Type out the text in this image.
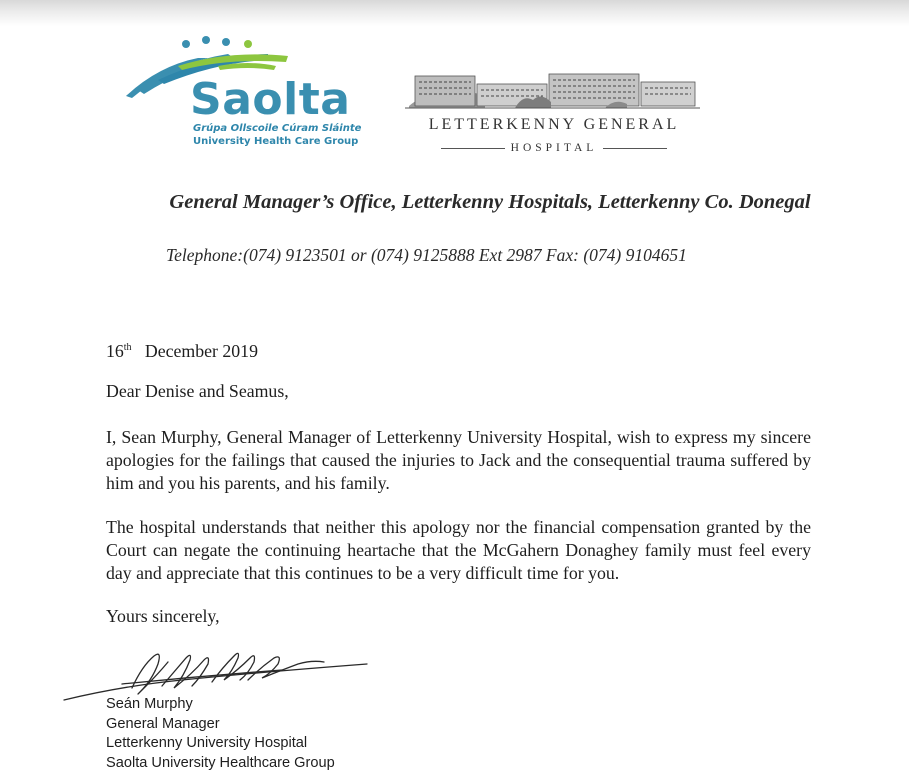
Saolta
Grúpa Ollscoile Cúram Sláinte
University Health Care Group
LETTERKENNY GENERAL
HOSPITAL
General Manager’s Office, Letterkenny Hospitals, Letterkenny Co. Donegal
Telephone:(074) 9123501 or (074) 9125888 Ext 2987 Fax: (074) 9104651
16th December 2019
Dear Denise and Seamus,
I, Sean Murphy, General Manager of Letterkenny University Hospital, wish to express my sincere apologies for the failings that caused the injuries to Jack and the consequential trauma suffered by him and you his parents, and his family.
The hospital understands that neither this apology nor the financial compensation granted by the Court can negate the continuing heartache that the McGahern Donaghey family must feel every day and appreciate that this continues to be a very difficult time for you.
Yours sincerely,
Seán Murphy
General Manager
Letterkenny University Hospital
Saolta University Healthcare Group
